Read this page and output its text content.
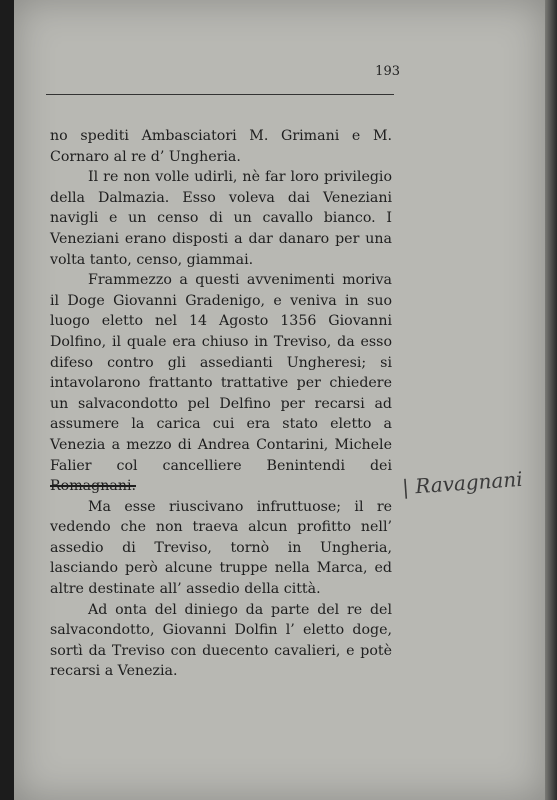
193

no spediti Ambasciatori M. Grimani e M. Cornaro al re d’ Ungheria.

Il re non volle udirli, nè far loro privilegio della Dalmazia. Esso voleva dai Veneziani navigli e un censo di un cavallo bianco. I Veneziani erano disposti a dar danaro per una volta tanto, censo, giammai.

Frammezzo a questi avvenimenti moriva il Doge Giovanni Gradenigo, e veniva in suo luogo eletto nel 14 Agosto 1356 Giovanni Dolfino, il quale era chiuso in Treviso, da esso difeso contro gli assedianti Ungheresi; si intavolarono frattanto trattative per chiedere un salvacondotto pel Delfino per recarsi ad assumere la carica cui era stato eletto a Venezia a mezzo di Andrea Contarini, Michele Falier col cancelliere Benintendi dei Romagnani.

Ma esse riuscivano infruttuose; il re vedendo che non traeva alcun profitto nell’ assedio di Treviso, tornò in Ungheria, lasciando però alcune truppe nella Marca, ed altre destinate all’ assedio della città.

Ad onta del diniego da parte del re del salvacondotto, Giovanni Dolfin l’ eletto doge, sortì da Treviso con duecento cavalieri, e potè recarsi a Venezia.

| Ravagnani
